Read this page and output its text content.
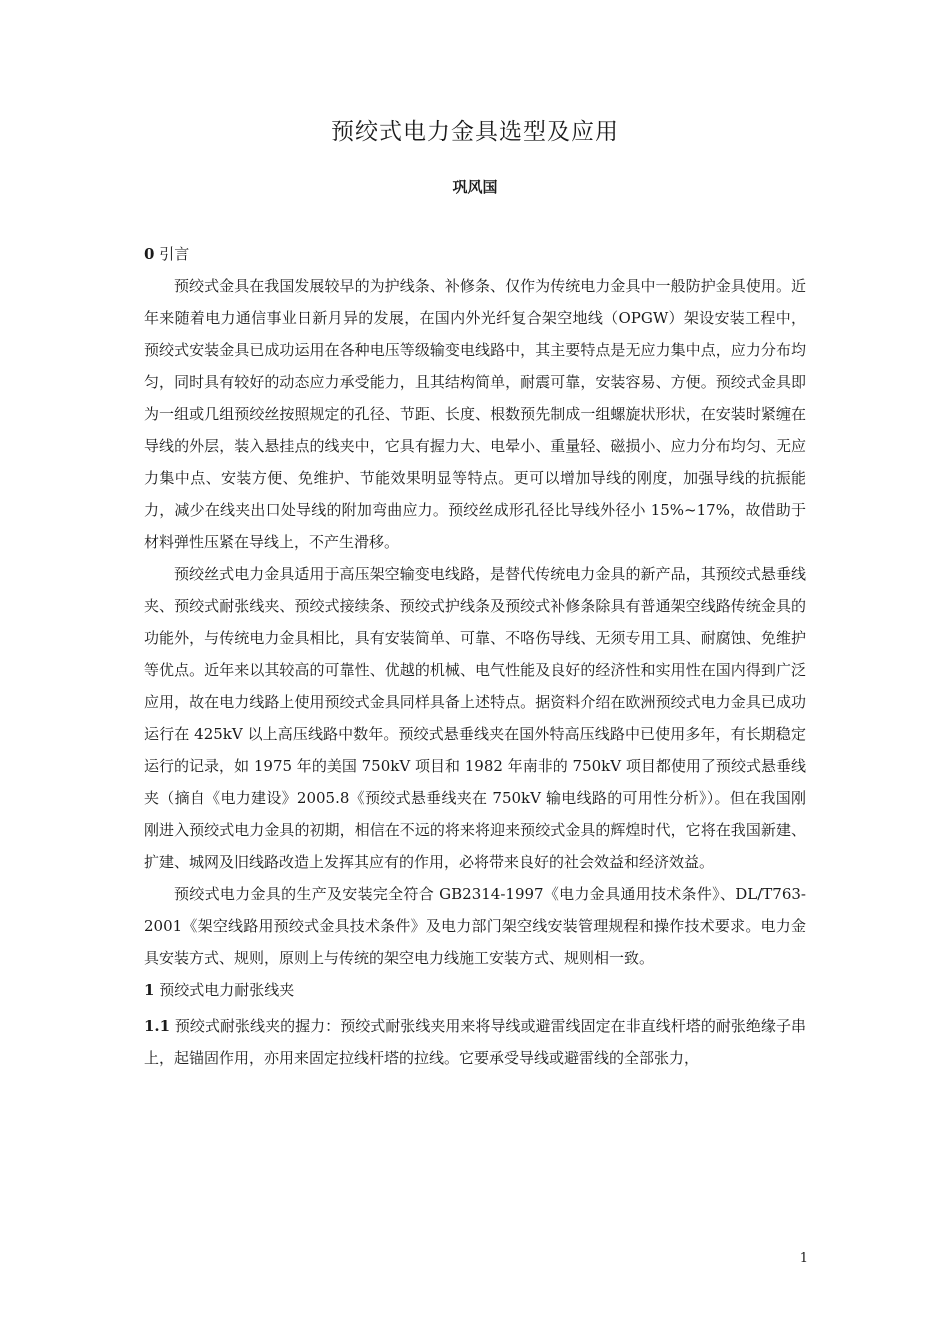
预绞式电力金具选型及应用
巩风国
0 引言

预绞式金具在我国发展较早的为护线条、补修条、仅作为传统电力金具中一般防护金具使用。近年来随着电力通信事业日新月异的发展，在国内外光纤复合架空地线（OPGW）架设安装工程中，预绞式安装金具已成功运用在各种电压等级输变电线路中，其主要特点是无应力集中点，应力分布均匀，同时具有较好的动态应力承受能力，且其结构简单，耐震可靠，安装容易、方便。预绞式金具即为一组或几组预绞丝按照规定的孔径、节距、长度、根数预先制成一组螺旋状形状，在安装时紧缠在导线的外层，装入悬挂点的线夹中，它具有握力大、电晕小、重量轻、磁损小、应力分布均匀、无应力集中点、安装方便、免维护、节能效果明显等特点。更可以增加导线的刚度，加强导线的抗振能力，减少在线夹出口处导线的附加弯曲应力。预绞丝成形孔径比导线外径小 15%~17%，故借助于材料弹性压紧在导线上，不产生滑移。

预绞丝式电力金具适用于高压架空输变电线路，是替代传统电力金具的新产品，其预绞式悬垂线夹、预绞式耐张线夹、预绞式接续条、预绞式护线条及预绞式补修条除具有普通架空线路传统金具的功能外，与传统电力金具相比，具有安装简单、可靠、不咯伤导线、无须专用工具、耐腐蚀、免维护等优点。近年来以其较高的可靠性、优越的机械、电气性能及良好的经济性和实用性在国内得到广泛应用，故在电力线路上使用预绞式金具同样具备上述特点。据资料介绍在欧洲预绞式电力金具已成功运行在 425kV 以上高压线路中数年。预绞式悬垂线夹在国外特高压线路中已使用多年，有长期稳定运行的记录，如 1975 年的美国 750kV 项目和 1982 年南非的 750kV 项目都使用了预绞式悬垂线夹（摘自《电力建设》2005.8《预绞式悬垂线夹在 750kV 输电线路的可用性分析》）。但在我国刚刚进入预绞式电力金具的初期，相信在不远的将来将迎来预绞式金具的辉煌时代，它将在我国新建、扩建、城网及旧线路改造上发挥其应有的作用，必将带来良好的社会效益和经济效益。

预绞式电力金具的生产及安装完全符合 GB2314-1997《电力金具通用技术条件》、DL/T763-2001《架空线路用预绞式金具技术条件》及电力部门架空线安装管理规程和操作技术要求。电力金具安装方式、规则，原则上与传统的架空电力线施工安装方式、规则相一致。

1 预绞式电力耐张线夹

1.1 预绞式耐张线夹的握力：预绞式耐张线夹用来将导线或避雷线固定在非直线杆塔的耐张绝缘子串上，起锚固作用，亦用来固定拉线杆塔的拉线。它要承受导线或避雷线的全部张力，

1
